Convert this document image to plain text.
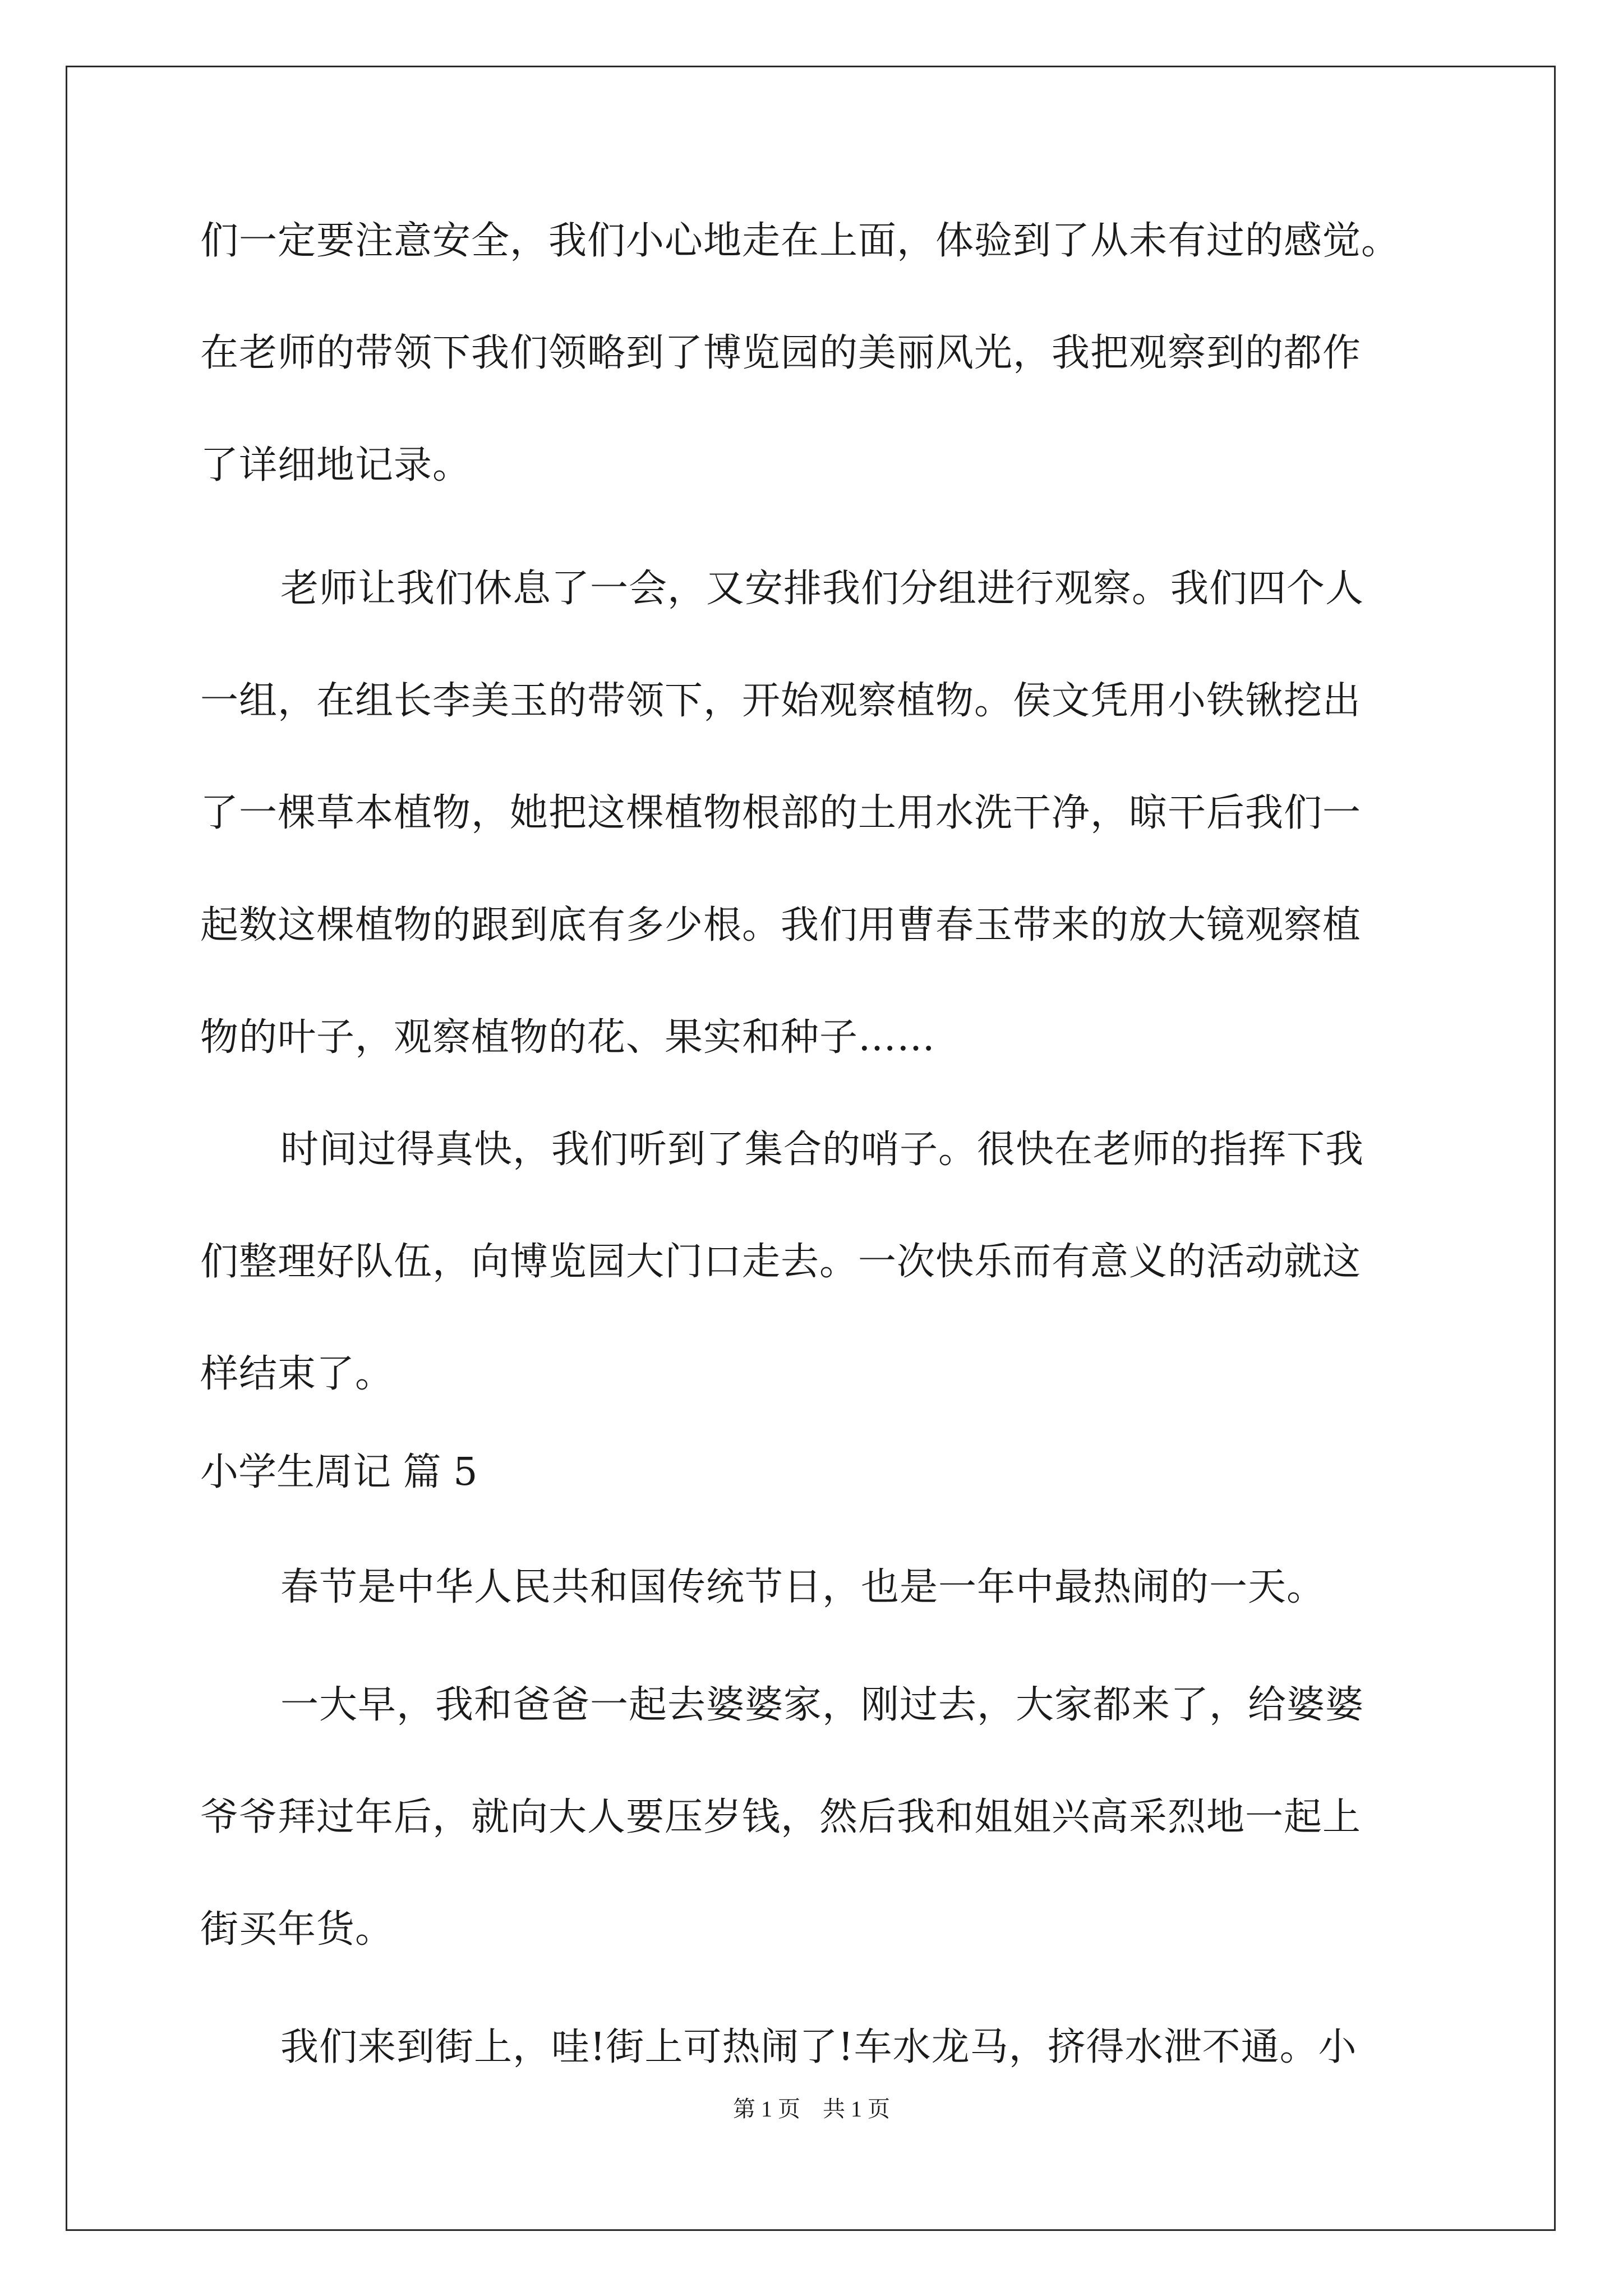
们一定要注意安全，我们小心地走在上面，体验到了从未有过的感觉。
在老师的带领下我们领略到了博览园的美丽风光，我把观察到的都作
了详细地记录。
老师让我们休息了一会，又安排我们分组进行观察。我们四个人
一组，在组长李美玉的带领下，开始观察植物。侯文凭用小铁锹挖出
了一棵草本植物，她把这棵植物根部的土用水洗干净，晾干后我们一
起数这棵植物的跟到底有多少根。我们用曹春玉带来的放大镜观察植
物的叶子，观察植物的花、果实和种子……
时间过得真快，我们听到了集合的哨子。很快在老师的指挥下我
们整理好队伍，向博览园大门口走去。一次快乐而有意义的活动就这
样结束了。
小学生周记 篇 5
春节是中华人民共和国传统节日，也是一年中最热闹的一天。
一大早，我和爸爸一起去婆婆家，刚过去，大家都来了，给婆婆
爷爷拜过年后，就向大人要压岁钱，然后我和姐姐兴高采烈地一起上
街买年货。
我们来到街上，哇!街上可热闹了!车水龙马，挤得水泄不通。小
第 1 页    共 1 页
